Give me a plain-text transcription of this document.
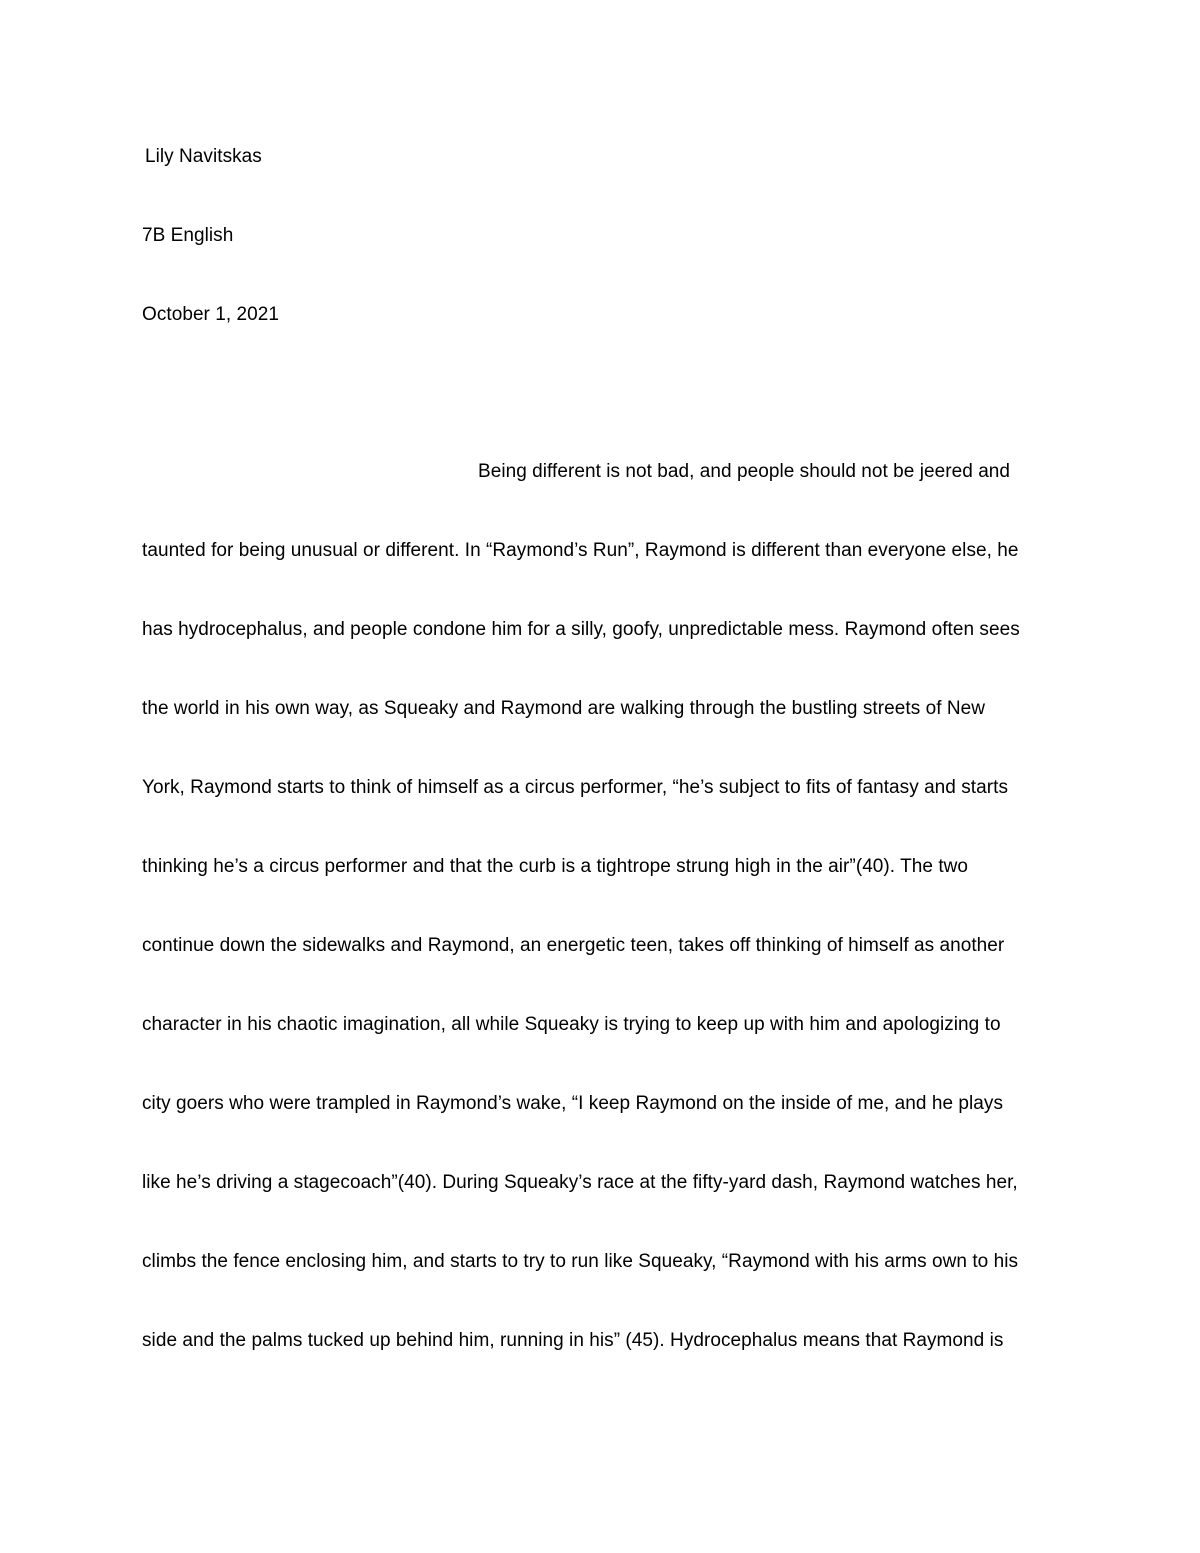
Lily Navitskas
7B English
October 1, 2021
Being different is not bad, and people should not be jeered and
taunted for being unusual or different. In “Raymond’s Run”, Raymond is different than everyone else, he
has hydrocephalus, and people condone him for a silly, goofy, unpredictable mess. Raymond often sees
the world in his own way, as Squeaky and Raymond are walking through the bustling streets of New
York, Raymond starts to think of himself as a circus performer, “he’s subject to fits of fantasy and starts
thinking he’s a circus performer and that the curb is a tightrope strung high in the air”(40). The two
continue down the sidewalks and Raymond, an energetic teen, takes off thinking of himself as another
character in his chaotic imagination, all while Squeaky is trying to keep up with him and apologizing to
city goers who were trampled in Raymond’s wake, “I keep Raymond on the inside of me, and he plays
like he’s driving a stagecoach”(40). During Squeaky’s race at the fifty-yard dash, Raymond watches her,
climbs the fence enclosing him, and starts to try to run like Squeaky, “Raymond with his arms own to his
side and the palms tucked up behind him, running in his” (45). Hydrocephalus means that Raymond is
